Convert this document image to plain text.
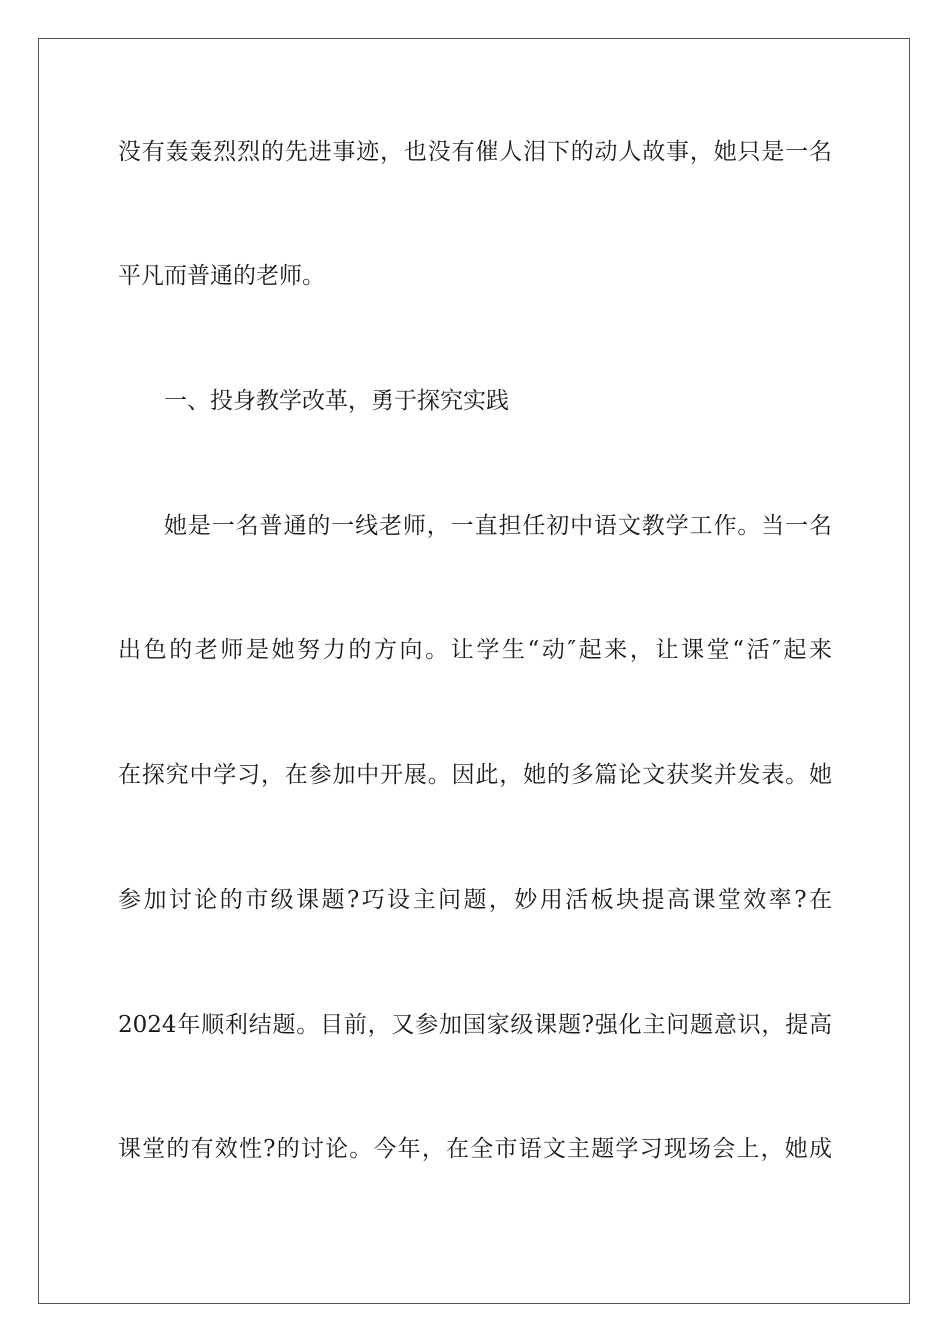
没有轰轰烈烈的先进事迹，也没有催人泪下的动人故事，她只是一名
平凡而普通的老师。
一、投身教学改革，勇于探究实践
她是一名普通的一线老师，一直担任初中语文教学工作。当一名
出色的老师是她努力的方向。让学生“动″起来，让课堂“活″起来
在探究中学习，在参加中开展。因此，她的多篇论文获奖并发表。她
参加讨论的市级课题?巧设主问题，妙用活板块提高课堂效率?在
2024年顺利结题。目前，又参加国家级课题?强化主问题意识，提高
课堂的有效性?的讨论。今年，在全市语文主题学习现场会上，她成
